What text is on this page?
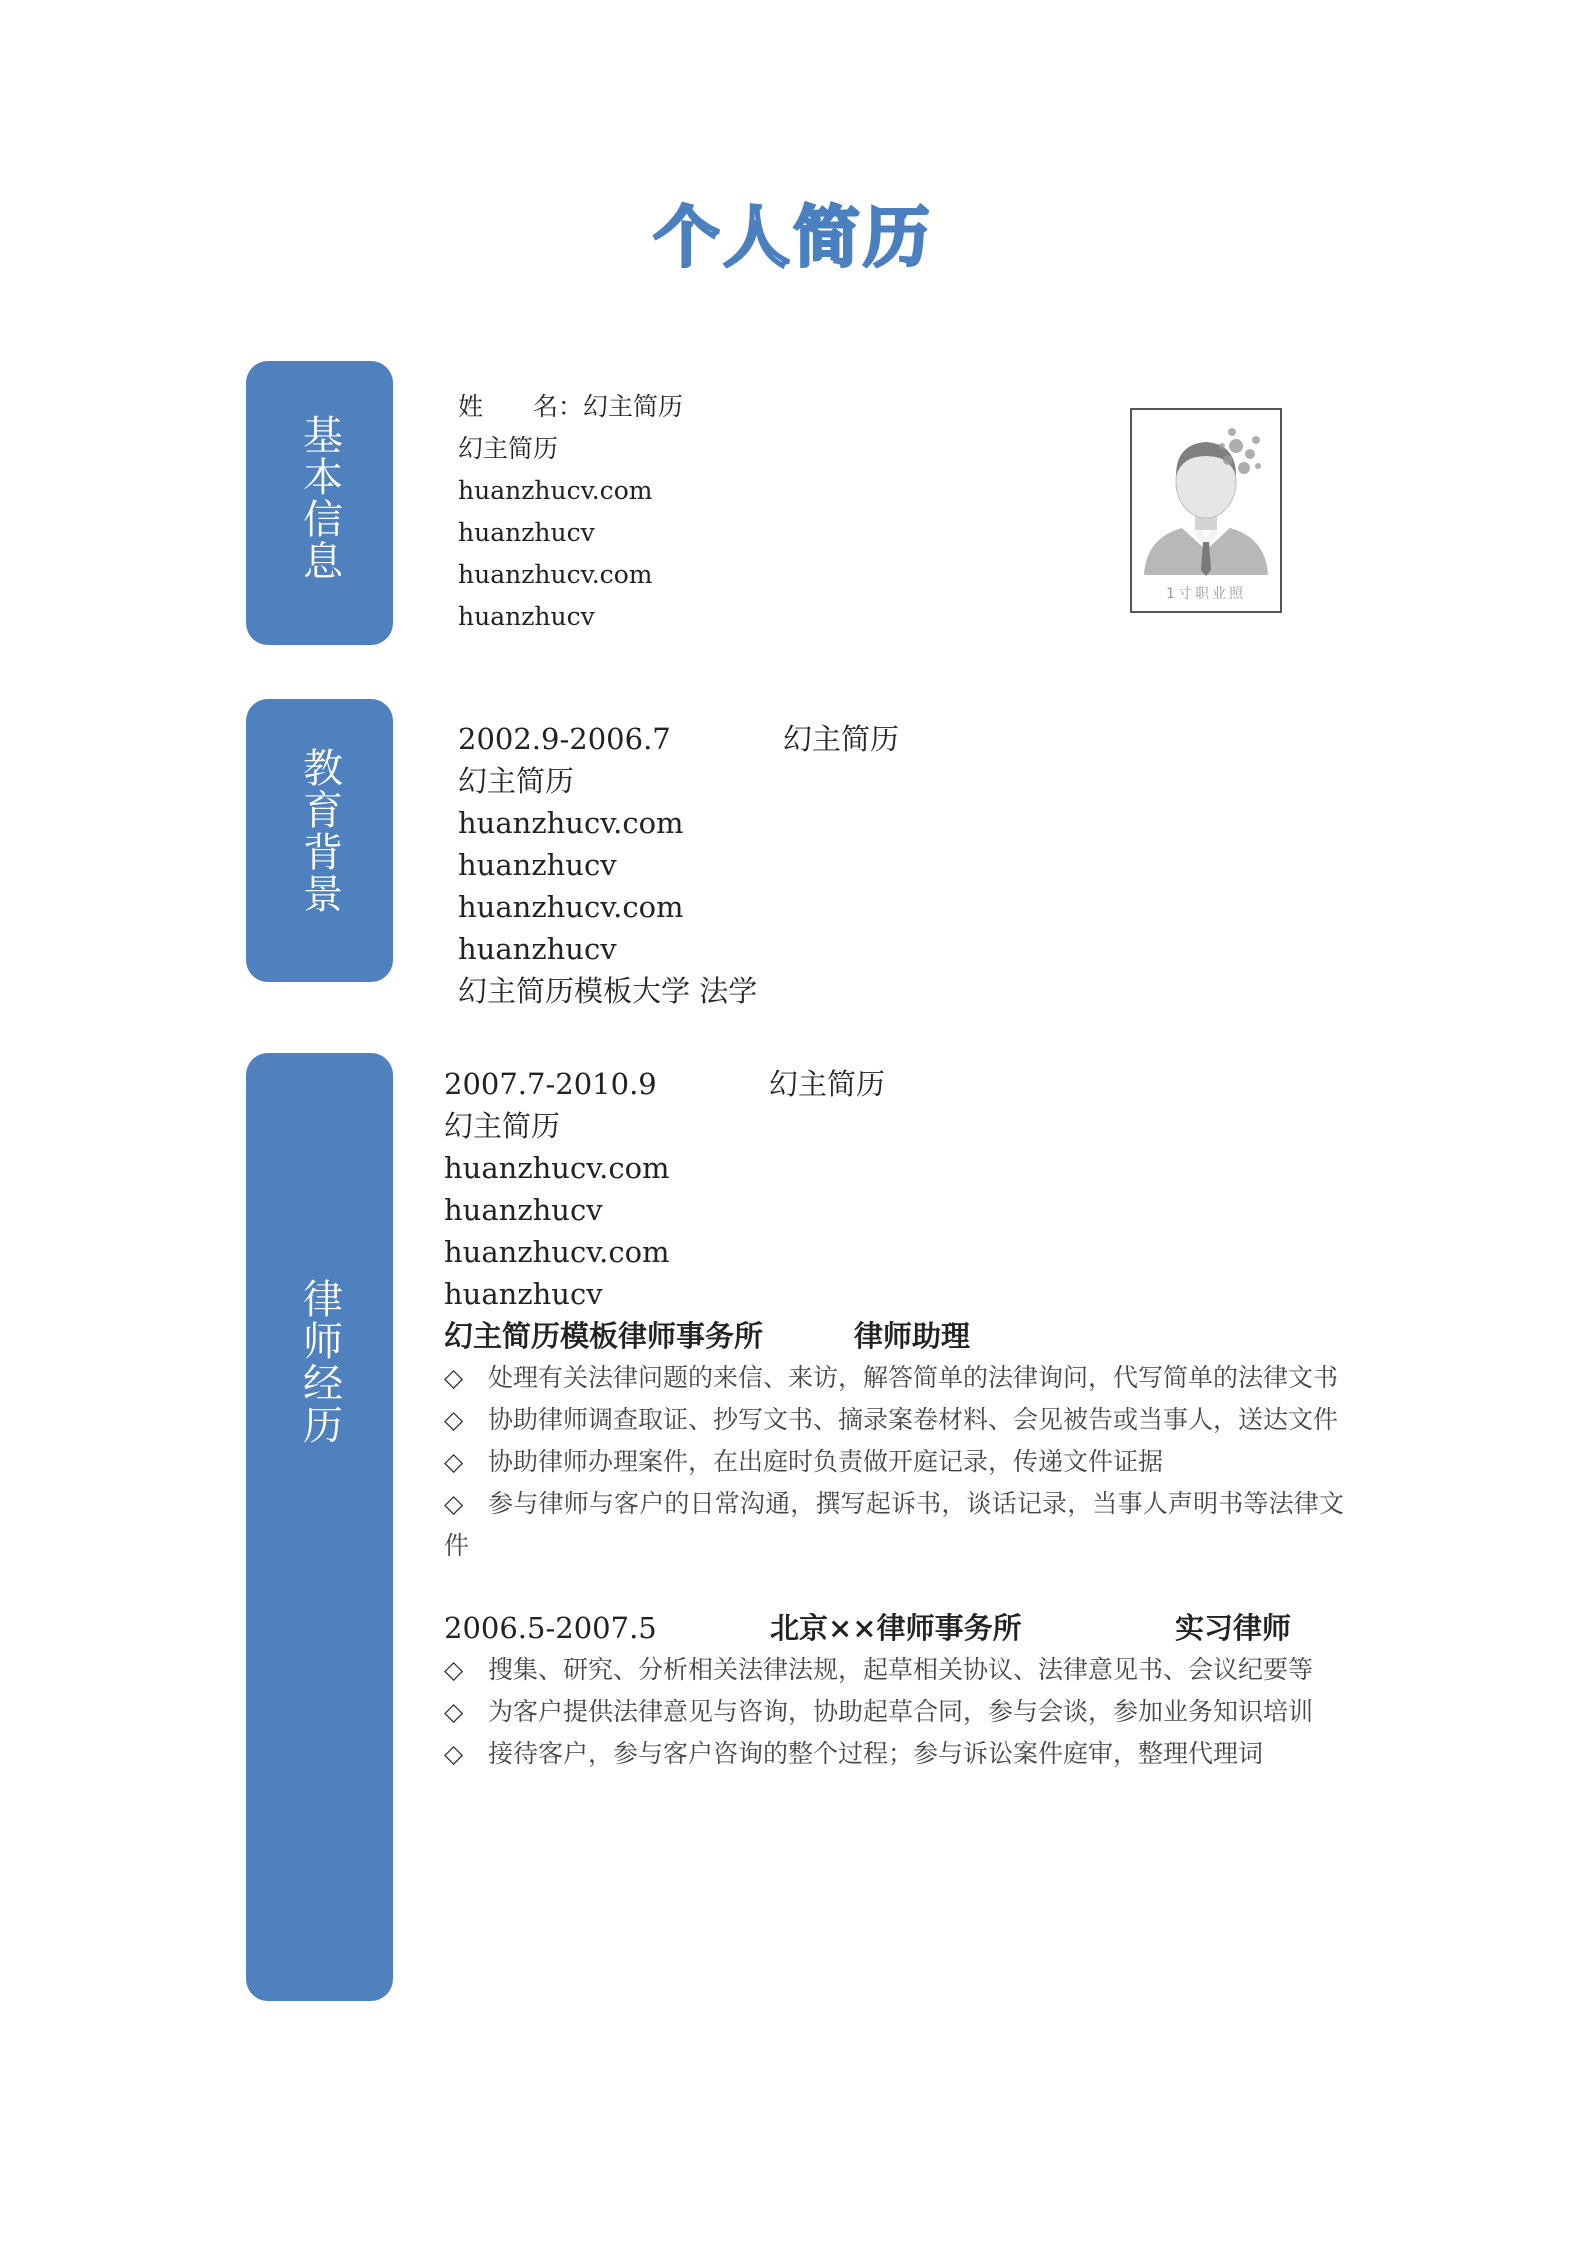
个人简历
基本信息
教育背景
律师经历
姓 名：幻主简历
幻主简历
huanzhucv.com
huanzhucv
huanzhucv.com
huanzhucv
1寸职业照
2002.9-2006.7	幻主简历
幻主简历
huanzhucv.com
huanzhucv
huanzhucv.com
huanzhucv
幻主简历模板大学 法学
2007.7-2010.9	幻主简历
幻主简历
huanzhucv.com
huanzhucv
huanzhucv.com
huanzhucv
幻主简历模板律师事务所	律师助理
◇ 处理有关法律问题的来信、来访，解答简单的法律询问，代写简单的法律文书
◇ 协助律师调查取证、抄写文书、摘录案卷材料、会见被告或当事人，送达文件
◇ 协助律师办理案件，在出庭时负责做开庭记录，传递文件证据
◇ 参与律师与客户的日常沟通，撰写起诉书，谈话记录，当事人声明书等法律文件
2006.5-2007.5	北京××律师事务所	实习律师
◇ 搜集、研究、分析相关法律法规，起草相关协议、法律意见书、会议纪要等
◇ 为客户提供法律意见与咨询，协助起草合同，参与会谈，参加业务知识培训
◇ 接待客户，参与客户咨询的整个过程；参与诉讼案件庭审，整理代理词
